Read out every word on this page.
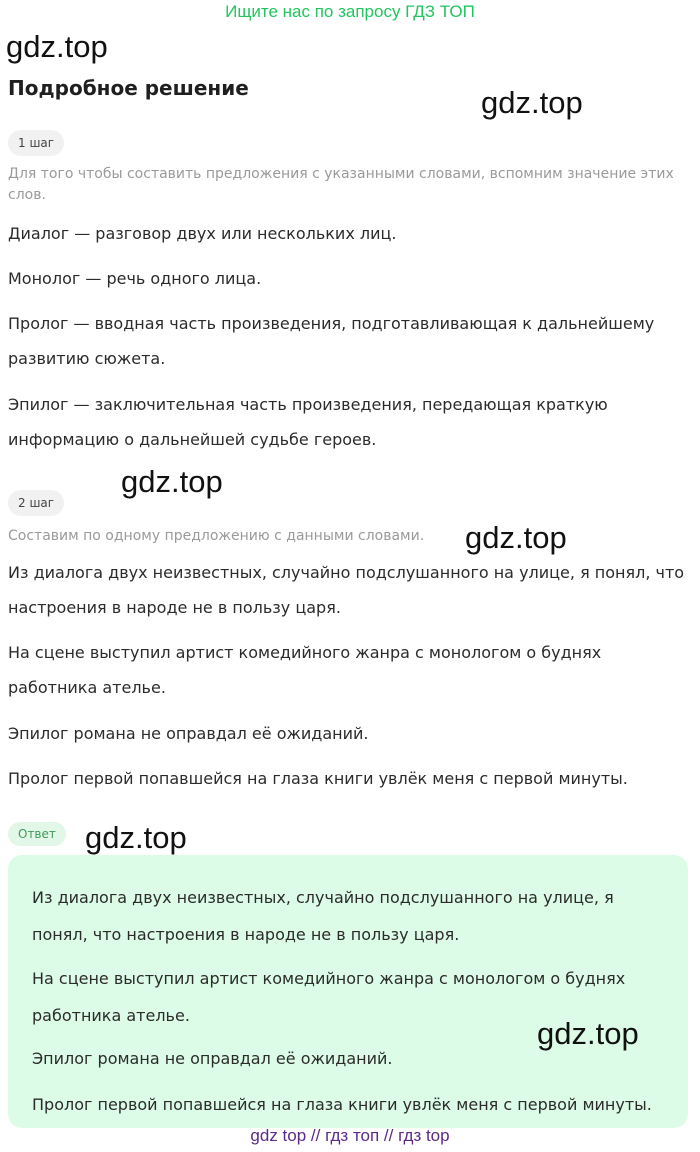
Ищите нас по запросу ГДЗ ТОП
gdz.top
gdz.top
gdz.top
gdz.top
gdz.top
gdz.top
Подробное решение
1 шаг
Для того чтобы составить предложения с указанными словами, вспомним значение этих слов.

Диалог — разговор двух или нескольких лиц.

Монолог — речь одного лица.

Пролог — вводная часть произведения, подготавливающая к дальнейшему развитию сюжета.

Эпилог — заключительная часть произведения, передающая краткую информацию о дальнейшей судьбе героев.

2 шаг
Составим по одному предложению с данными словами.

Из диалога двух неизвестных, случайно подслушанного на улице, я понял, что настроения в народе не в пользу царя.

На сцене выступил артист комедийного жанра с монологом о буднях работника ателье.

Эпилог романа не оправдал её ожиданий.

Пролог первой попавшейся на глаза книги увлёк меня с первой минуты.

Ответ

Из диалога двух неизвестных, случайно подслушанного на улице, я понял, что настроения в народе не в пользу царя.

На сцене выступил артист комедийного жанра с монологом о буднях работника ателье.

Эпилог романа не оправдал её ожиданий.

Пролог первой попавшейся на глаза книги увлёк меня с первой минуты.

gdz top // гдз топ // гдз top
